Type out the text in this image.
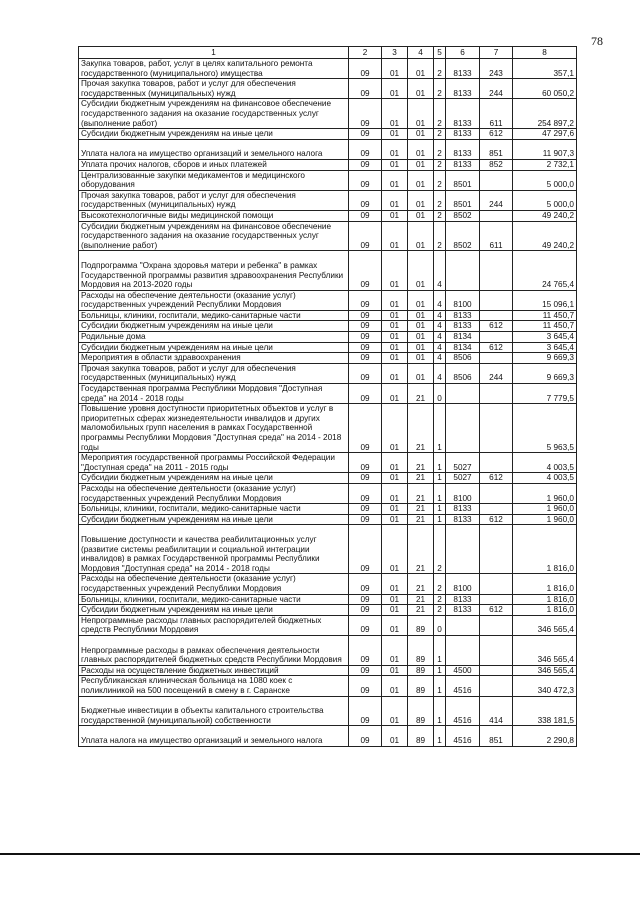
78
1	2	3	4	5	6	7	8
Закупка товаров, работ, услуг в целях капитального ремонта государственного (муниципального) имущества	09	01	01	2	8133	243	357,1
Прочая закупка товаров, работ и услуг для обеспечения государственных (муниципальных) нужд	09	01	01	2	8133	244	60 050,2
Субсидии бюджетным учреждениям на финансовое обеспечение государственного задания на оказание государственных услуг (выполнение работ)	09	01	01	2	8133	611	254 897,2
Субсидии бюджетным учреждениям на иные цели	09	01	01	2	8133	612	47 297,6
Уплата налога на имущество организаций и земельного налога	09	01	01	2	8133	851	11 907,3
Уплата прочих налогов, сборов и иных платежей	09	01	01	2	8133	852	2 732,1
Централизованные закупки медикаментов и медицинского оборудования	09	01	01	2	8501		5 000,0
Прочая закупка товаров, работ и услуг для обеспечения государственных (муниципальных) нужд	09	01	01	2	8501	244	5 000,0
Высокотехнологичные виды медицинской помощи	09	01	01	2	8502		49 240,2
Субсидии бюджетным учреждениям на финансовое обеспечение государственного задания на оказание государственных услуг (выполнение работ)	09	01	01	2	8502	611	49 240,2
Подпрограмма "Охрана здоровья матери и ребенка" в рамках Государственной программы развития здравоохранения Республики Мордовия на 2013-2020 годы	09	01	01	4			24 765,4
Расходы на обеспечение деятельности (оказание услуг) государственных учреждений Республики Мордовия	09	01	01	4	8100		15 096,1
Больницы, клиники, госпитали, медико-санитарные части	09	01	01	4	8133		11 450,7
Субсидии бюджетным учреждениям на иные цели	09	01	01	4	8133	612	11 450,7
Родильные дома	09	01	01	4	8134		3 645,4
Субсидии бюджетным учреждениям на иные цели	09	01	01	4	8134	612	3 645,4
Мероприятия в области здравоохранения	09	01	01	4	8506		9 669,3
Прочая закупка товаров, работ и услуг для обеспечения государственных (муниципальных) нужд	09	01	01	4	8506	244	9 669,3
Государственная программа Республики Мордовия "Доступная среда" на 2014 - 2018 годы	09	01	21	0			7 779,5
Повышение уровня доступности приоритетных объектов и услуг в приоритетных сферах жизнедеятельности инвалидов и других маломобильных групп населения в рамках Государственной программы Республики Мордовия "Доступная среда" на 2014 - 2018 годы	09	01	21	1			5 963,5
Мероприятия государственной программы Российской Федерации "Доступная среда" на 2011 - 2015 годы	09	01	21	1	5027		4 003,5
Субсидии бюджетным учреждениям на иные цели	09	01	21	1	5027	612	4 003,5
Расходы на обеспечение деятельности (оказание услуг) государственных учреждений Республики Мордовия	09	01	21	1	8100		1 960,0
Больницы, клиники, госпитали, медико-санитарные части	09	01	21	1	8133		1 960,0
Субсидии бюджетным учреждениям на иные цели	09	01	21	1	8133	612	1 960,0
Повышение доступности и качества реабилитационных услуг (развитие системы реабилитации и социальной интеграции инвалидов) в рамках Государственной программы Республики Мордовия "Доступная среда" на 2014 - 2018 годы	09	01	21	2			1 816,0
Расходы на обеспечение деятельности (оказание услуг) государственных учреждений Республики Мордовия	09	01	21	2	8100		1 816,0
Больницы, клиники, госпитали, медико-санитарные части	09	01	21	2	8133		1 816,0
Субсидии бюджетным учреждениям на иные цели	09	01	21	2	8133	612	1 816,0
Непрограммные расходы главных распорядителей бюджетных средств Республики Мордовия	09	01	89	0			346 565,4
Непрограммные расходы в рамках обеспечения деятельности главных распорядителей бюджетных средств Республики Мордовия	09	01	89	1			346 565,4
Расходы на осуществление бюджетных инвестиций	09	01	89	1	4500		346 565,4
Республиканская клиническая больница на 1080 коек с поликлиникой на 500 посещений в смену в г. Саранске	09	01	89	1	4516		340 472,3
Бюджетные инвестиции в объекты капитального строительства государственной (муниципальной) собственности	09	01	89	1	4516	414	338 181,5
Уплата налога на имущество организаций и земельного налога	09	01	89	1	4516	851	2 290,8
